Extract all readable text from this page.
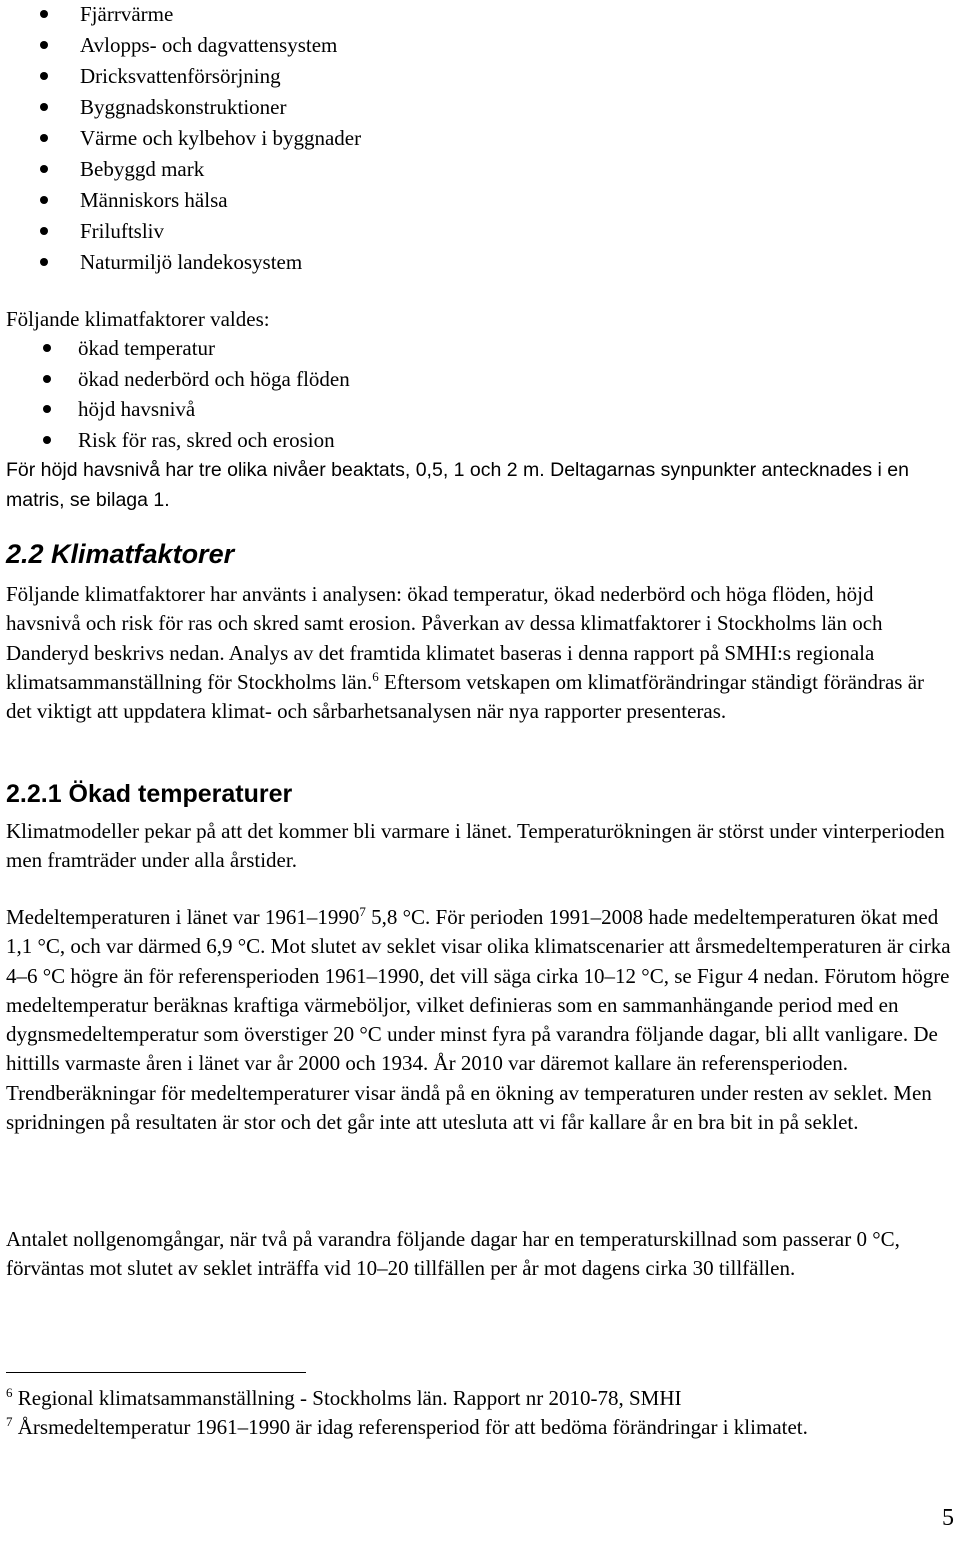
Fjärrvärme
Avlopps- och dagvattensystem
Dricksvattenförsörjning
Byggnadskonstruktioner
Värme och kylbehov i byggnader
Bebyggd mark
Människors hälsa
Friluftsliv
Naturmiljö landekosystem

Följande klimatfaktorer valdes:

ökad temperatur
ökad nederbörd och höga flöden
höjd havsnivå
Risk för ras, skred och erosion

För höjd havsnivå har tre olika nivåer beaktats, 0,5, 1 och 2 m. Deltagarnas synpunkter antecknades i en matris, se bilaga 1.

2.2 Klimatfaktorer

Följande klimatfaktorer har använts i analysen: ökad temperatur, ökad nederbörd och höga flöden, höjd havsnivå och risk för ras och skred samt erosion. Påverkan av dessa klimatfaktorer i Stockholms län och Danderyd beskrivs nedan. Analys av det framtida klimatet baseras i denna rapport på SMHI:s regionala klimatsammanställning för Stockholms län.$^6$ Eftersom vetskapen om klimatförändringar ständigt förändras är det viktigt att uppdatera klimat- och sårbarhetsanalysen när nya rapporter presenteras.

2.2.1 Ökad temperaturer

Klimatmodeller pekar på att det kommer bli varmare i länet. Temperaturökningen är störst under vinterperioden men framträder under alla årstider.

Medeltemperaturen i länet var 1961–1990$^7$ 5,8 °C. För perioden 1991–2008 hade medeltemperaturen ökat med 1,1 °C, och var därmed 6,9 °C. Mot slutet av seklet visar olika klimatscenarier att årsmedeltemperaturen är cirka 4–6 °C högre än för referensperioden 1961–1990, det vill säga cirka 10–12 °C, se Figur 4 nedan. Förutom högre medeltemperatur beräknas kraftiga värmeböljor, vilket definieras som en sammanhängande period med en dygnsmedeltemperatur som överstiger 20 °C under minst fyra på varandra följande dagar, bli allt vanligare. De hittills varmaste åren i länet var år 2000 och 1934. År 2010 var däremot kallare än referensperioden. Trendberäkningar för medeltemperaturer visar ändå på en ökning av temperaturen under resten av seklet. Men spridningen på resultaten är stor och det går inte att utesluta att vi får kallare år en bra bit in på seklet.

Antalet nollgenomgångar, när två på varandra följande dagar har en temperaturskillnad som passerar 0 °C, förväntas mot slutet av seklet inträffa vid 10–20 tillfällen per år mot dagens cirka 30 tillfällen.

$^6$ Regional klimatsammanställning - Stockholms län. Rapport nr 2010-78, SMHI

$^7$ Årsmedeltemperatur 1961–1990 är idag referensperiod för att bedöma förändringar i klimatet.

5
